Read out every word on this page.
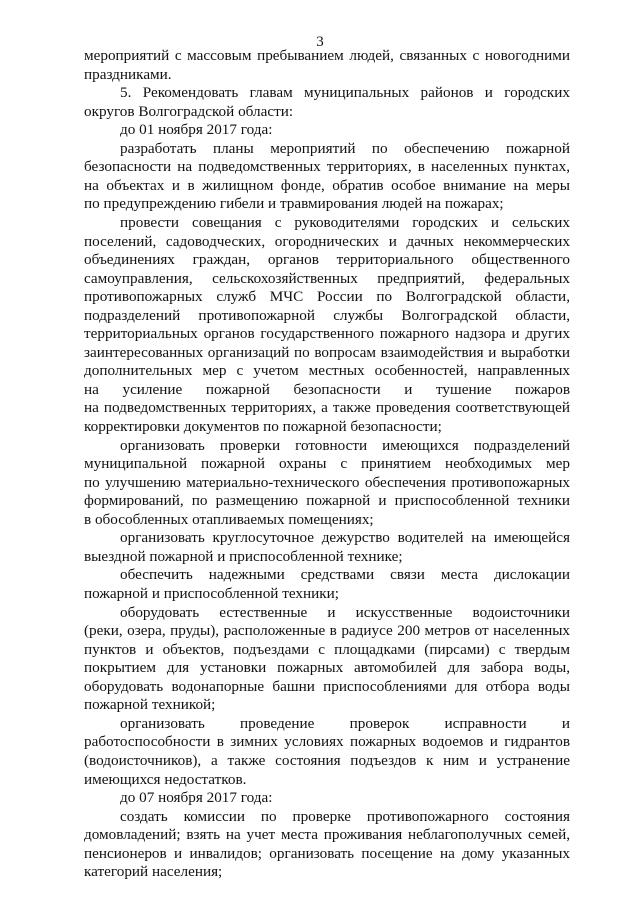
3
мероприятий с массовым пребыванием людей, связанных с новогодними
праздниками.
5. Рекомендовать главам муниципальных районов и городских
округов Волгоградской области:
до 01 ноября 2017 года:
разработать планы мероприятий по обеспечению пожарной
безопасности на подведомственных территориях, в населенных пунктах,
на объектах и в жилищном фонде, обратив особое внимание на меры
по предупреждению гибели и травмирования людей на пожарах;
провести совещания с руководителями городских и сельских
поселений, садоводческих, огороднических и дачных некоммерческих
объединениях граждан, органов территориального общественного
самоуправления, сельскохозяйственных предприятий, федеральных
противопожарных служб МЧС России по Волгоградской области,
подразделений противопожарной службы Волгоградской области,
территориальных органов государственного пожарного надзора и других
заинтересованных организаций по вопросам взаимодействия и выработки
дополнительных мер с учетом местных особенностей, направленных
на усиление пожарной безопасности и тушение пожаров
на подведомственных территориях, а также проведения соответствующей
корректировки документов по пожарной безопасности;
организовать проверки готовности имеющихся подразделений
муниципальной пожарной охраны с принятием необходимых мер
по улучшению материально-технического обеспечения противопожарных
формирований, по размещению пожарной и приспособленной техники
в обособленных отапливаемых помещениях;
организовать круглосуточное дежурство водителей на имеющейся
выездной пожарной и приспособленной технике;
обеспечить надежными средствами связи места дислокации
пожарной и приспособленной техники;
оборудовать естественные и искусственные водоисточники
(реки, озера, пруды), расположенные в радиусе 200 метров от населенных
пунктов и объектов, подъездами с площадками (пирсами) с твердым
покрытием для установки пожарных автомобилей для забора воды,
оборудовать водонапорные башни приспособлениями для отбора воды
пожарной техникой;
организовать проведение проверок исправности и
работоспособности в зимних условиях пожарных водоемов и гидрантов
(водоисточников), а также состояния подъездов к ним и устранение
имеющихся недостатков.
до 07 ноября 2017 года:
создать комиссии по проверке противопожарного состояния
домовладений; взять на учет места проживания неблагополучных семей,
пенсионеров и инвалидов; организовать посещение на дому указанных
категорий населения;
